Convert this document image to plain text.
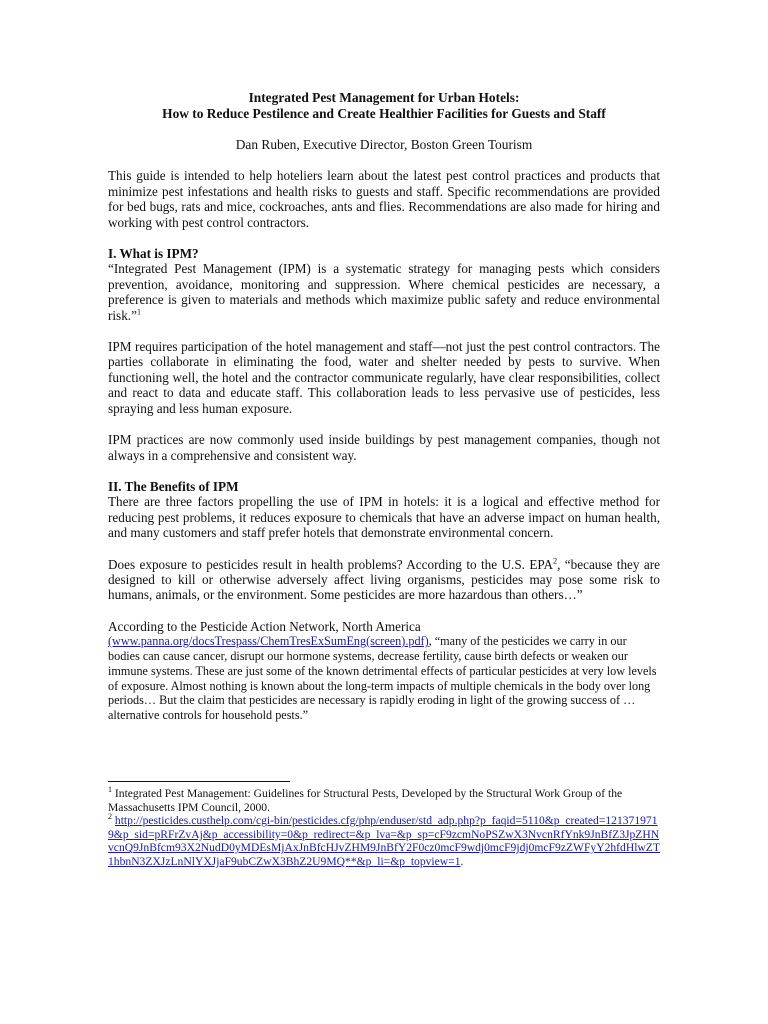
Integrated Pest Management for Urban Hotels:

How to Reduce Pestilence and Create Healthier Facilities for Guests and Staff

Dan Ruben, Executive Director, Boston Green Tourism

This guide is intended to help hoteliers learn about the latest pest control practices and products that minimize pest infestations and health risks to guests and staff. Specific recommendations are provided for bed bugs, rats and mice, cockroaches, ants and flies. Recommendations are also made for hiring and working with pest control contractors.

I. What is IPM?

“Integrated Pest Management (IPM) is a systematic strategy for managing pests which considers prevention, avoidance, monitoring and suppression. Where chemical pesticides are necessary, a preference is given to materials and methods which maximize public safety and reduce environmental risk.”$^1$

IPM requires participation of the hotel management and staff—not just the pest control contractors. The parties collaborate in eliminating the food, water and shelter needed by pests to survive. When functioning well, the hotel and the contractor communicate regularly, have clear responsibilities, collect and react to data and educate staff. This collaboration leads to less pervasive use of pesticides, less spraying and less human exposure.

IPM practices are now commonly used inside buildings by pest management companies, though not always in a comprehensive and consistent way.

II. The Benefits of IPM

There are three factors propelling the use of IPM in hotels: it is a logical and effective method for reducing pest problems, it reduces exposure to chemicals that have an adverse impact on human health, and many customers and staff prefer hotels that demonstrate environmental concern.

Does exposure to pesticides result in health problems? According to the U.S. EPA$^2$, “because they are designed to kill or otherwise adversely affect living organisms, pesticides may pose some risk to humans, animals, or the environment. Some pesticides are more hazardous than others…”

According to the Pesticide Action Network, North America

(www.panna.org/docsTrespass/ChemTresExSumEng(screen).pdf), “many of the pesticides we carry in our bodies can cause cancer, disrupt our hormone systems, decrease fertility, cause birth defects or weaken our immune systems. These are just some of the known detrimental effects of particular pesticides at very low levels of exposure. Almost nothing is known about the long-term impacts of multiple chemicals in the body over long periods… But the claim that pesticides are necessary is rapidly eroding in light of the growing success of … alternative controls for household pests.”

$^1$ Integrated Pest Management: Guidelines for Structural Pests, Developed by the Structural Work Group of the Massachusetts IPM Council, 2000.

$^2$ http://pesticides.custhelp.com/cgi-bin/pesticides.cfg/php/enduser/std_adp.php?p_faqid=5110&p_created=1213719719&p_sid=pRFrZvAj&p_accessibility=0&p_redirect=&p_lva=&p_sp=cF9zcmNoPSZwX3NvcnRfYnk9JnBfZ3JpZHNvcnQ9JnBfcm93X2NudD0yMDEsMjAxJnBfcHJvZHM9JnBfY2F0cz0mcF9wdj0mcF9jdj0mcF9zZWFyY2hfdHlwZT1hbnN3ZXJzLnNlYXJjaF9ubCZwX3BhZ2U9MQ**&p_li=&p_topview=1.
